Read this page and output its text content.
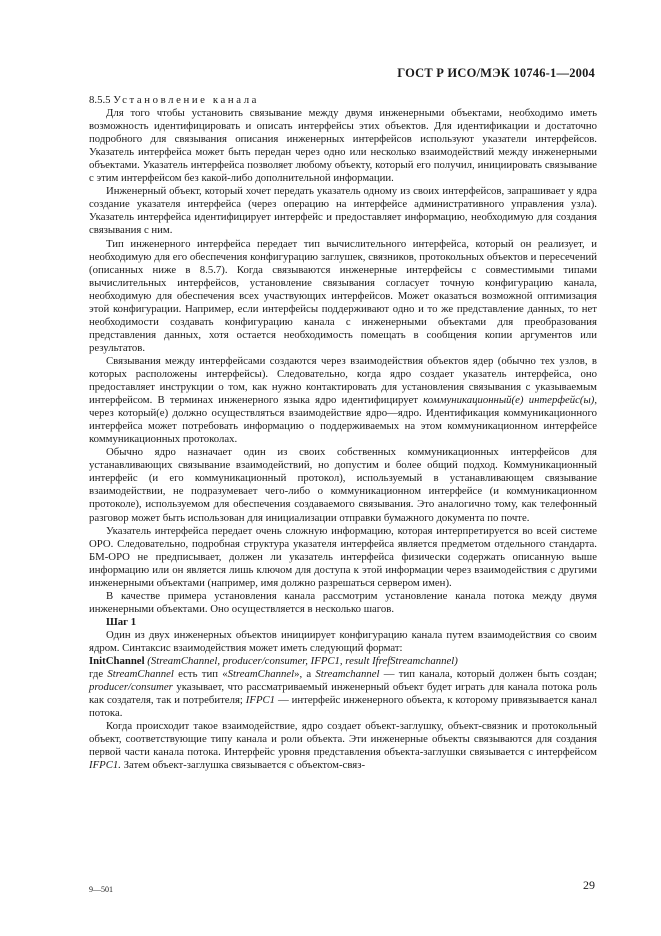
ГОСТ Р ИСО/МЭК 10746-1—2004

8.5.5 Установление канала

Для того чтобы установить связывание между двумя инженерными объектами, необходимо иметь возможность идентифицировать и описать интерфейсы этих объектов. Для идентификации и достаточно подробного для связывания описания инженерных интерфейсов используют указатели интерфейсов. Указатель интерфейса может быть передан через одно или несколько взаимодействий между инженерными объектами. Указатель интерфейса позволяет любому объекту, который его получил, инициировать связывание с этим интерфейсом без какой-либо дополнительной информации.

Инженерный объект, который хочет передать указатель одному из своих интерфейсов, запрашивает у ядра создание указателя интерфейса (через операцию на интерфейсе административного управления узла). Указатель интерфейса идентифицирует интерфейс и предоставляет информацию, необходимую для создания связывания с ним.

Тип инженерного интерфейса передает тип вычислительного интерфейса, который он реализует, и необходимую для его обеспечения конфигурацию заглушек, связников, протокольных объектов и пересечений (описанных ниже в 8.5.7). Когда связываются инженерные интерфейсы с совместимыми типами вычислительных интерфейсов, установление связывания согласует точную конфигурацию канала, необходимую для обеспечения всех участвующих интерфейсов. Может оказаться возможной оптимизация этой конфигурации. Например, если интерфейсы поддерживают одно и то же представление данных, то нет необходимости создавать конфигурацию канала с инженерными объектами для преобразования представления данных, хотя остается необходимость помещать в сообщения копии аргументов или результатов.

Связывания между интерфейсами создаются через взаимодействия объектов ядер (обычно тех узлов, в которых расположены интерфейсы). Следовательно, когда ядро создает указатель интерфейса, оно предоставляет инструкции о том, как нужно контактировать для установления связывания с указываемым интерфейсом. В терминах инженерного языка ядро идентифицирует коммуникационный(е) интерфейс(ы), через который(е) должно осуществляться взаимодействие ядро—ядро. Идентификация коммуникационного интерфейса может потребовать информацию о поддерживаемых на этом коммуникационном интерфейсе коммуникационных протоколах.

Обычно ядро назначает один из своих собственных коммуникационных интерфейсов для устанавливающих связывание взаимодействий, но допустим и более общий подход. Коммуникационный интерфейс (и его коммуникационный протокол), используемый в устанавливающем связывание взаимодействии, не подразумевает чего-либо о коммуникационном интерфейсе (и коммуникационном протоколе), используемом для обеспечения создаваемого связывания. Это аналогично тому, как телефонный разговор может быть использован для инициализации отправки бумажного документа по почте.

Указатель интерфейса передает очень сложную информацию, которая интерпретируется во всей системе ОРО. Следовательно, подробная структура указателя интерфейса является предметом отдельного стандарта. БМ-ОРО не предписывает, должен ли указатель интерфейса физически содержать описанную выше информацию или он является лишь ключом для доступа к этой информации через взаимодействия с другими инженерными объектами (например, имя должно разрешаться сервером имен).

В качестве примера установления канала рассмотрим установление канала потока между двумя инженерными объектами. Оно осуществляется в несколько шагов.

Шаг 1

Один из двух инженерных объектов инициирует конфигурацию канала путем взаимодействия со своим ядром. Синтаксис взаимодействия может иметь следующий формат:

InitChannel (StreamChannel, producer/consumer, IFPC1, result IfrefStreamchannel)

где StreamChannel есть тип «StreamChannel», а Streamchannel — тип канала, который должен быть создан; producer/consumer указывает, что рассматриваемый инженерный объект будет играть для канала потока роль как создателя, так и потребителя; IFPC1 — интерфейс инженерного объекта, к которому привязывается канал потока.

Когда происходит такое взаимодействие, ядро создает объект-заглушку, объект-связник и протокольный объект, соответствующие типу канала и роли объекта. Эти инженерные объекты связываются для создания первой части канала потока. Интерфейс уровня представления объекта-заглушки связывается с интерфейсом IFPC1. Затем объект-заглушка связывается с объектом-связ-

9—501	29
